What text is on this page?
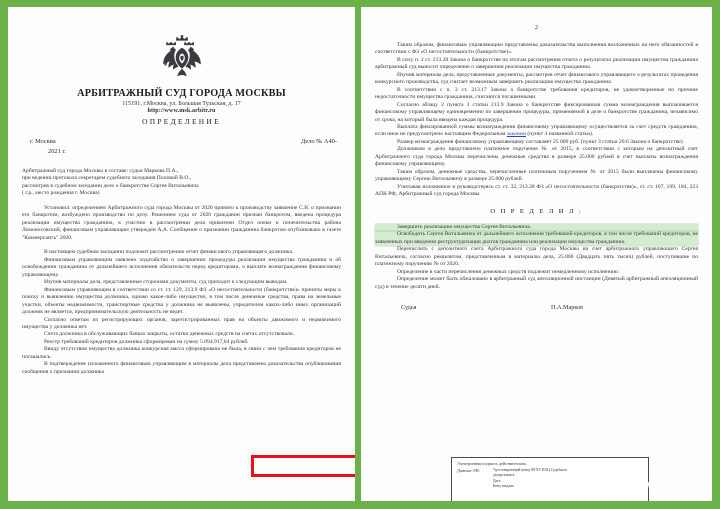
АРБИТРАЖНЫЙ СУД ГОРОДА МОСКВЫ
115191, г.Москва, ул. Большая Тульская, д. 17
http://www.msk.arbitr.ru
ОПРЕДЕЛЕНИЕ
г. Москва	Дело № А40-
2021 г.

Арбитражный суд города Москвы в составе: судьи Маркова П.А.,

при ведении протокола секретарем судебного заседания Поповой В.О.,

рассмотрев в судебном заседании дело о банкротстве Сергея Витальевича

( г.р., место рождения г. Москва)

Установил: определением Арбитражного суда города Москвы от 2020 принято к производству заявление С.В. о признании его банкротом, возбуждено производство по делу. Решением суда от 2020 гражданин признан банкротом, введена процедура реализации имущества гражданина, к участию в рассмотрении дела привлечен Отдел опеки и попечительства района Ломоносовский, финансовым управляющим утвержден А.А. Сообщение о признании гражданина банкротом опубликовано в газете "Коммерсантъ" 2020.

В настоящем судебном заседании подлежит рассмотрению отчет финансового управляющего должника.

Финансовым управляющим заявлено ходатайство о завершении процедуры реализации имущества гражданина и об освобождении гражданина от дальнейшего исполнения обязательств перед кредиторами, о выплате вознаграждения финансовому управляющему.

Изучив материалы дела, представленные сторонами документы, суд приходит к следующим выводам.

Финансовым управляющим в соответствии со ст. ст. 129, 213.9 ФЗ «О несостоятельности (банкротстве)» приняты меры к поиску и выявлению имущества должника, однако какое-либо имущество, в том числе денежные средства, права на земельные участки, объекты недвижимости, транспортные средства у должника не выявлены, учредителем каких-либо иных организаций должник не является, предпринимательскую деятельность не ведет.

Согласно ответам из регистрирующих органов, зарегистрированных прав на объекты движимого и недвижимого имущества у должника нет.

Счета должника в обслуживающих банках закрыты, остатки денежных средств на счетах отсутствовали.

Реестр требований кредиторов должника сформирован на сумму 5.094.917,64 рублей.

Ввиду отсутствия имущества должника конкурсная масса сформирована не была, в связи с чем требования кредиторов не погашались.

В подтверждение изложенного финансовым управляющим в материалы дела представлены доказательства опубликования сообщения о признании должника

2

Таким образом, финансовым управляющим представлены доказательства выполнения возложенных на него обязанностей в соответствии с ФЗ «О несостоятельности (банкротстве)».

В силу п. 2 ст. 213.28 Закона о банкротстве по итогам рассмотрения отчета о результатах реализации имущества гражданина арбитражный суд выносит определение о завершении реализации имущества гражданина.

Изучив материалы дела, представленные документы, рассмотрев отчет финансового управляющего о результатах проведения конкурсного производства, суд считает возможным завершить реализацию имущества гражданина.

В соответствии с п. 3 ст. 213.17 Закона о банкротстве требования кредиторов, не удовлетворенные по причине недостаточности имущества гражданина, считаются погашенными.

Согласно абзацу 2 пункта 3 статьи 213.9 Закона о банкротстве фиксированная сумма вознаграждения выплачивается финансовому управляющему единовременно по завершении процедуры, применяемой в деле о банкротстве гражданина, независимо от срока, на который была введена каждая процедура.

Выплата фиксированной суммы вознаграждения финансовому управляющему осуществляется за счет средств гражданина, если иное не предусмотрено настоящим Федеральным законом (пункт 4 названной статьи).

Размер вознаграждения финансовому управляющему составляет 25 000 руб. (пункт 3 статьи 20.6 Закона о банкротстве).

Должником в дело представлено платежное поручение № от 2015, в соответствии с которым на депозитный счет Арбитражного суда города Москвы перечислены денежные средства в размере 25.000 рублей в счет выплаты вознаграждения финансовому управляющему.

Таким образом, денежные средства, перечисленные платежным поручением № от 2015 были выплачены финансовому управляющему Сергею Витальевичу в размере 25.000 рублей.

Учитывая изложенное и руководствуясь ст. ст. 32, 213.28 ФЗ «О несостоятельности (банкротстве)», ст. ст. 107, 109, 184, 223 АПК РФ, Арбитражный суд города Москвы

О П Р Е Д Е Л И Л :

Завершить реализацию имущества Сергея Витальевича.

Освободить Сергея Витальевича от дальнейшего исполнения требований кредиторов, в том числе требований кредиторов, не заявленных при введении реструктуризации долгов гражданина или реализации имущества гражданина.

Перечислить с депозитного счета Арбитражного суда города Москвы на счет арбитражного управляющего Сергея Витальевича, согласно реквизитам, представленным в материалы дела, 25.000 (Двадцать пять тысяч) рублей, поступившие по платежному поручению № от 2020.

Определение в части перечисления денежных средств подлежит немедленному исполнению.

Определение может быть обжаловано в арбитражный суд апелляционной инстанции (Девятый арбитражный апелляционный суд) в течение десяти дней.

Судья	П.А.Марков
Электронная подпись действительна.
Данные ЭП:	Удостоверяющий центр ФГБУ ИАЦ Судебного
департамента
Дата
Кому выдана	Avito
